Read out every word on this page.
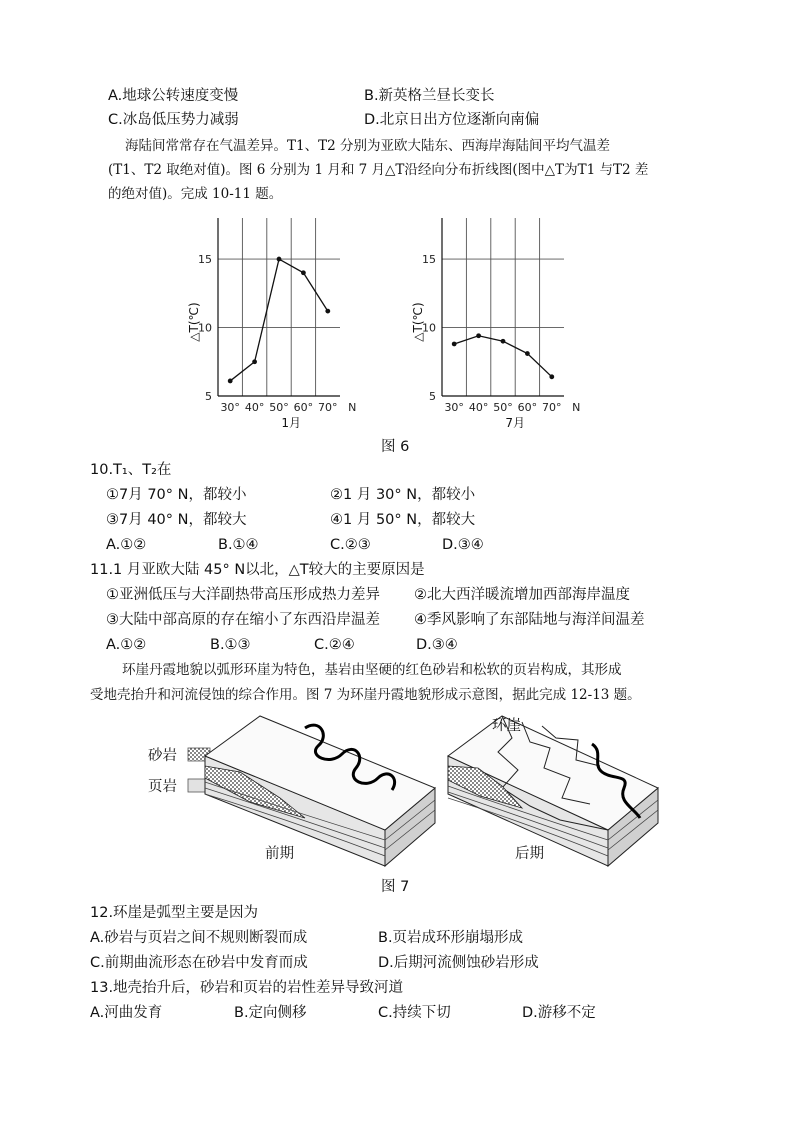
A.地球公转速度变慢	B.新英格兰昼长变长
C.冰岛低压势力减弱	D.北京日出方位逐渐向南偏
海陆间常常存在气温差异。T1、T2 分别为亚欧大陆东、西海岸海陆间平均气温差
(T1、T2 取绝对值)。图 6 分别为 1 月和 7 月△T沿经向分布折线图(图中△T为T1 与T2 差
的绝对值)。完成 10-11 题。
5
10
15
30° 40° 50° 60° 70° N
1月
△T(℃)
5
10
15
30° 40° 50° 60° 70° N
7月
△T(℃)
图 6
10.T₁、T₂在
①7月 70° N，都较小	②1 月 30° N，都较小
③7月 40° N，都较大	④1 月 50° N，都较大
A.①②	B.①④	C.②③	D.③④
11.1 月亚欧大陆 45° N以北，△T较大的主要原因是
①亚洲低压与大洋副热带高压形成热力差异 ②北大西洋暖流增加西部海岸温度
③大陆中部高原的存在缩小了东西沿岸温差 ④季风影响了东部陆地与海洋间温差
A.①②	B.①③	C.②④	D.③④
环崖丹霞地貌以弧形环崖为特色，基岩由坚硬的红色砂岩和松软的页岩构成，其形成
受地壳抬升和河流侵蚀的综合作用。图 7 为环崖丹霞地貌形成示意图，据此完成 12-13 题。
砂岩
页岩
环崖
前期	后期
图 7
12.环崖是弧型主要是因为
A.砂岩与页岩之间不规则断裂而成	B.页岩成环形崩塌形成
C.前期曲流形态在砂岩中发育而成	D.后期河流侧蚀砂岩形成
13.地壳抬升后，砂岩和页岩的岩性差异导致河道
A.河曲发育	B.定向侧移	C.持续下切	D.游移不定
